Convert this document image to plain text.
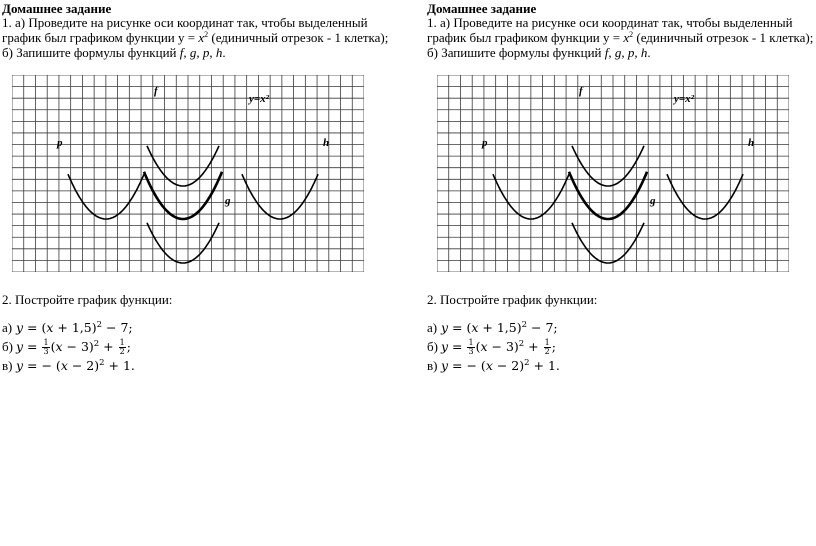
Домашнее задание

1. а) Проведите на рисунке оси координат так, чтобы выделенный

график был графиком функции $y = x^2$ (единичный отрезок - 1 клетка);

б) Запишите формулы функций f, g, p, h.

f
y=x²
p	h
g
2. Постройте график функции:
а) $y = (x + 1,5)^2 - 7$;
б) $y = \frac{1}{3} (x - 3)^2 + \frac{1}{2}$ ;
в) y = − $(x - 2)^2 + 1$.
Домашнее задание

1. а) Проведите на рисунке оси координат так, чтобы выделенный

график был графиком функции $y = x^2$ (единичный отрезок - 1 клетка);

б) Запишите формулы функций f, g, p, h.

f
y=x²
p	h
g
2. Постройте график функции:
а) $y = (x + 1,5)^2 - 7$;
б) $y = \frac{1}{3} (x - 3)^2 + \frac{1}{2}$ ;
в) y = − $(x - 2)^2 + 1$.
